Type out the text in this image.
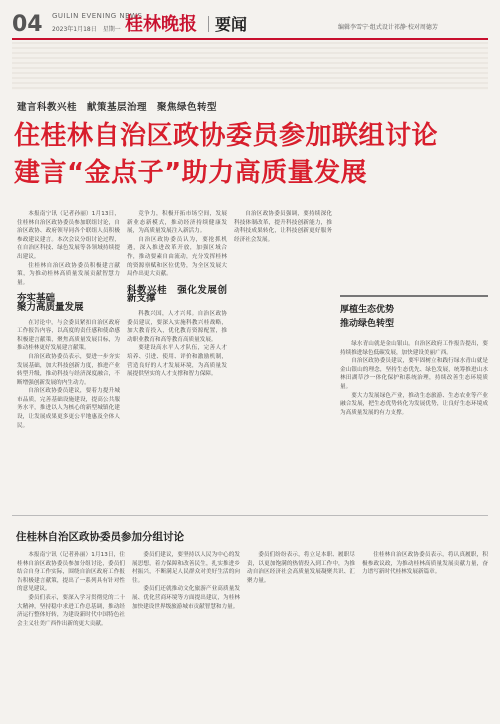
04 GUILIN EVENING NEWS
2023年1月18日　星期一 桂林晚报 要闻	编辑李雪宁·组式设计祁静·校对周德芳
建言科教兴桂　献策基层治理　聚焦绿色转型
住桂林自治区政协委员参加联组讨论
建言“金点子”助力高质量发展

本报南宁讯（记者孙丽）1月13日，住桂林自治区政协委员参加联组讨论，自治区政协、政府领导同各个联组人员积极参政建议建言。本次会议分组讨论过程，在自治区科技、绿色发展等各领域持续提出建议。

住桂林自治区政协委员积极建言献策，为推动桂林高质量发展贡献智慧力量。

夯实基础
聚力高质量发展

在讨论中，与会委员紧扣自治区政府工作报告内容，以高度的责任感和使命感积极建言献策，聚焦高质量发展目标，为推动桂林更好发展建言献策。

自治区政协委员表示，要进一步夯实发展基础，加大科技创新力度，推进产业转型升级，推动科技与经济深度融合，不断增强创新发展的内生动力。

自治区政协委员建议，要着力提升城市品质，完善基础设施建设，提高公共服务水平，推进以人为核心的新型城镇化建设，让发展成果更多更公平地惠及全体人民。

竞争力，积极开拓市场空间，发展新业态新模式，推动经济持续健康发展，为高质量发展注入新活力。

自治区政协委员认为，要抢抓机遇，深入推进改革开放，加强区域合作，推动要素自由流动，充分发挥桂林的资源禀赋和区位优势，为全区发展大局作出更大贡献。

科教兴桂　强化发展创新支撑

科教兴国，人才兴邦。自治区政协委员建议，要深入实施科教兴桂战略，加大教育投入，优化教育资源配置，推动职业教育和高等教育高质量发展。

要建设高水平人才队伍，完善人才培养、引进、使用、评价和激励机制，营造良好的人才发展环境，为高质量发展提供坚实的人才支撑和智力保障。

自治区政协委员强调，要持续深化科技体制改革，提升科技创新能力，推动科技成果转化，让科技创新更好服务经济社会发展。

厚植生态优势
推动绿色转型

绿水青山就是金山银山。自治区政府工作报告提出，要持续推进绿色低碳发展，加快建设美丽广西。

自治区政协委员建议，要牢固树立和践行绿水青山就是金山银山的理念，坚持生态优先、绿色发展，统筹推进山水林田湖草沙一体化保护和系统治理，持续改善生态环境质量。

要大力发展绿色产业，推动生态旅游、生态农业等产业融合发展，把生态优势转化为发展优势，让良好生态环境成为高质量发展的有力支撑。

住桂林自治区政协委员参加分组讨论

本报南宁讯（记者孙丽）1月13日，住桂林自治区政协委员参加分组讨论，委员们结合自身工作实际，围绕自治区政府工作报告积极建言献策，提出了一系列具有针对性的意见建议。

委员们表示，要深入学习贯彻党的二十大精神，坚持稳中求进工作总基调，推动经济运行整体好转，为建设新时代中国特色社会主义壮美广西作出新的更大贡献。

委员们建议，要坚持以人民为中心的发展思想，着力保障和改善民生，扎实推进乡村振兴，不断满足人民群众对美好生活的向往。

委员们还就推动文化旅游产业高质量发展、优化营商环境等方面提出建议，为桂林加快建设世界级旅游城市贡献智慧和力量。

委员们纷纷表示，将立足本职、履职尽责，以更加饱满的热情投入到工作中，为推动自治区经济社会高质量发展凝聚共识、汇聚力量。

住桂林自治区政协委员表示，将认真履职，积极参政议政，为推动桂林高质量发展贡献力量，奋力谱写新时代桂林发展新篇章。
